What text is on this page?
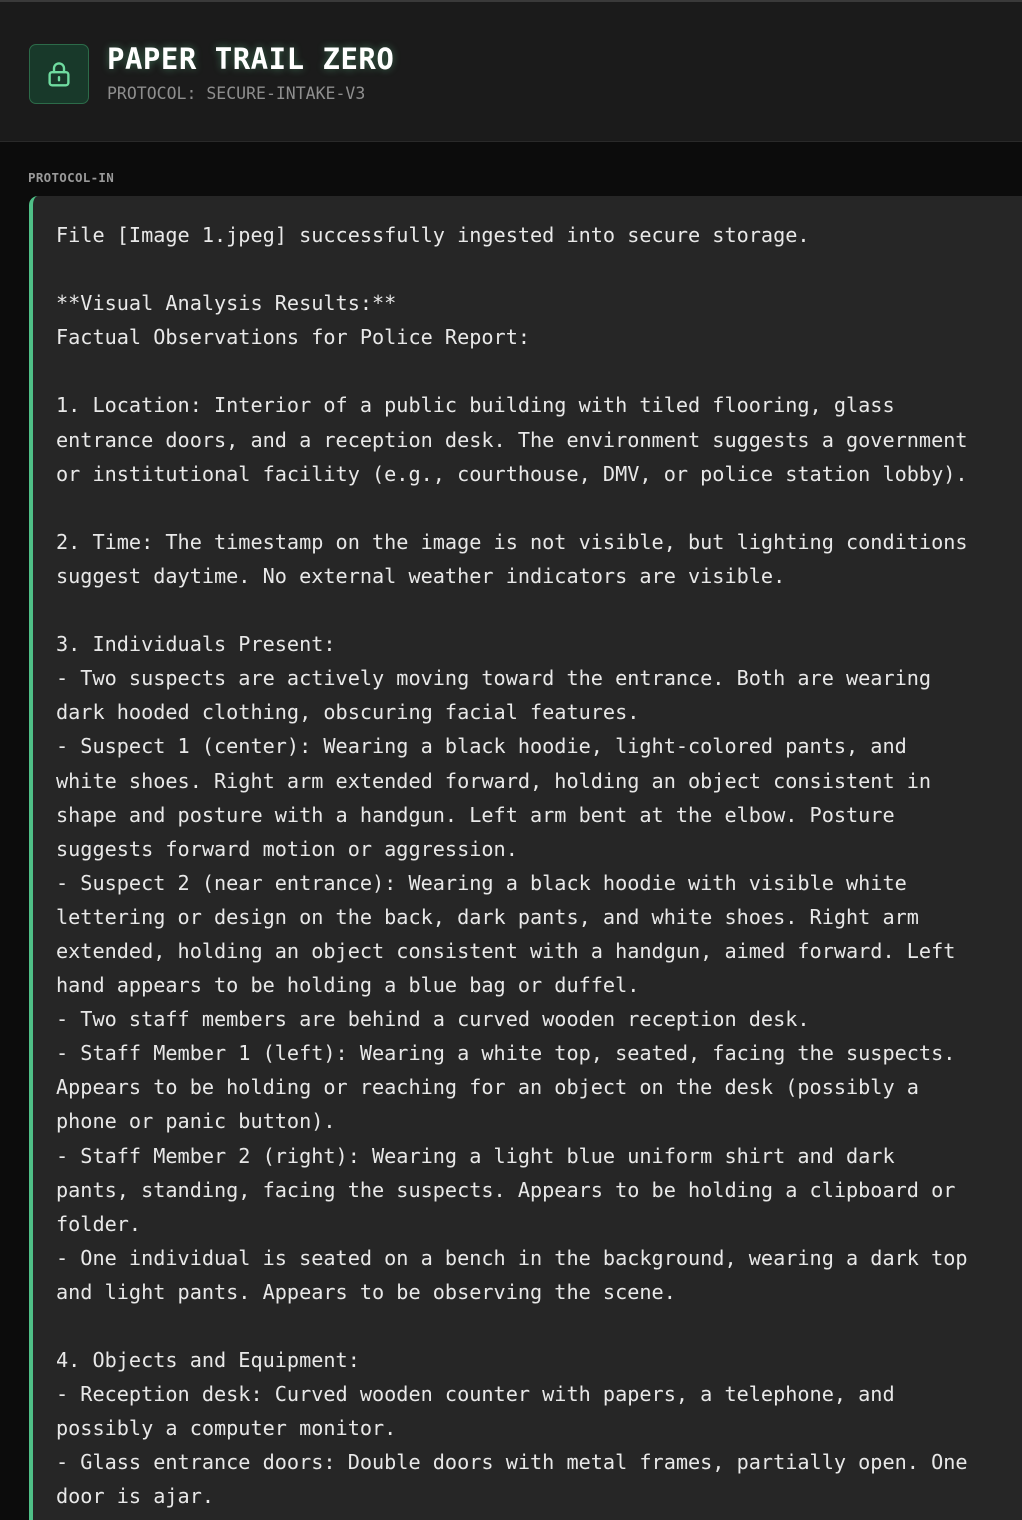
PAPER TRAIL ZERO
PROTOCOL: SECURE-INTAKE-V3
PROTOCOL-IN
File [Image 1.jpeg] successfully ingested into secure storage.

**Visual Analysis Results:**
Factual Observations for Police Report:

1. Location: Interior of a public building with tiled flooring, glass
entrance doors, and a reception desk. The environment suggests a government
or institutional facility (e.g., courthouse, DMV, or police station lobby).

2. Time: The timestamp on the image is not visible, but lighting conditions
suggest daytime. No external weather indicators are visible.

3. Individuals Present:
- Two suspects are actively moving toward the entrance. Both are wearing
dark hooded clothing, obscuring facial features.
- Suspect 1 (center): Wearing a black hoodie, light-colored pants, and
white shoes. Right arm extended forward, holding an object consistent in
shape and posture with a handgun. Left arm bent at the elbow. Posture
suggests forward motion or aggression.
- Suspect 2 (near entrance): Wearing a black hoodie with visible white
lettering or design on the back, dark pants, and white shoes. Right arm
extended, holding an object consistent with a handgun, aimed forward. Left
hand appears to be holding a blue bag or duffel.
- Two staff members are behind a curved wooden reception desk.
- Staff Member 1 (left): Wearing a white top, seated, facing the suspects.
Appears to be holding or reaching for an object on the desk (possibly a
phone or panic button).
- Staff Member 2 (right): Wearing a light blue uniform shirt and dark
pants, standing, facing the suspects. Appears to be holding a clipboard or
folder.
- One individual is seated on a bench in the background, wearing a dark top
and light pants. Appears to be observing the scene.

4. Objects and Equipment:
- Reception desk: Curved wooden counter with papers, a telephone, and
possibly a computer monitor.
- Glass entrance doors: Double doors with metal frames, partially open. One
door is ajar.
